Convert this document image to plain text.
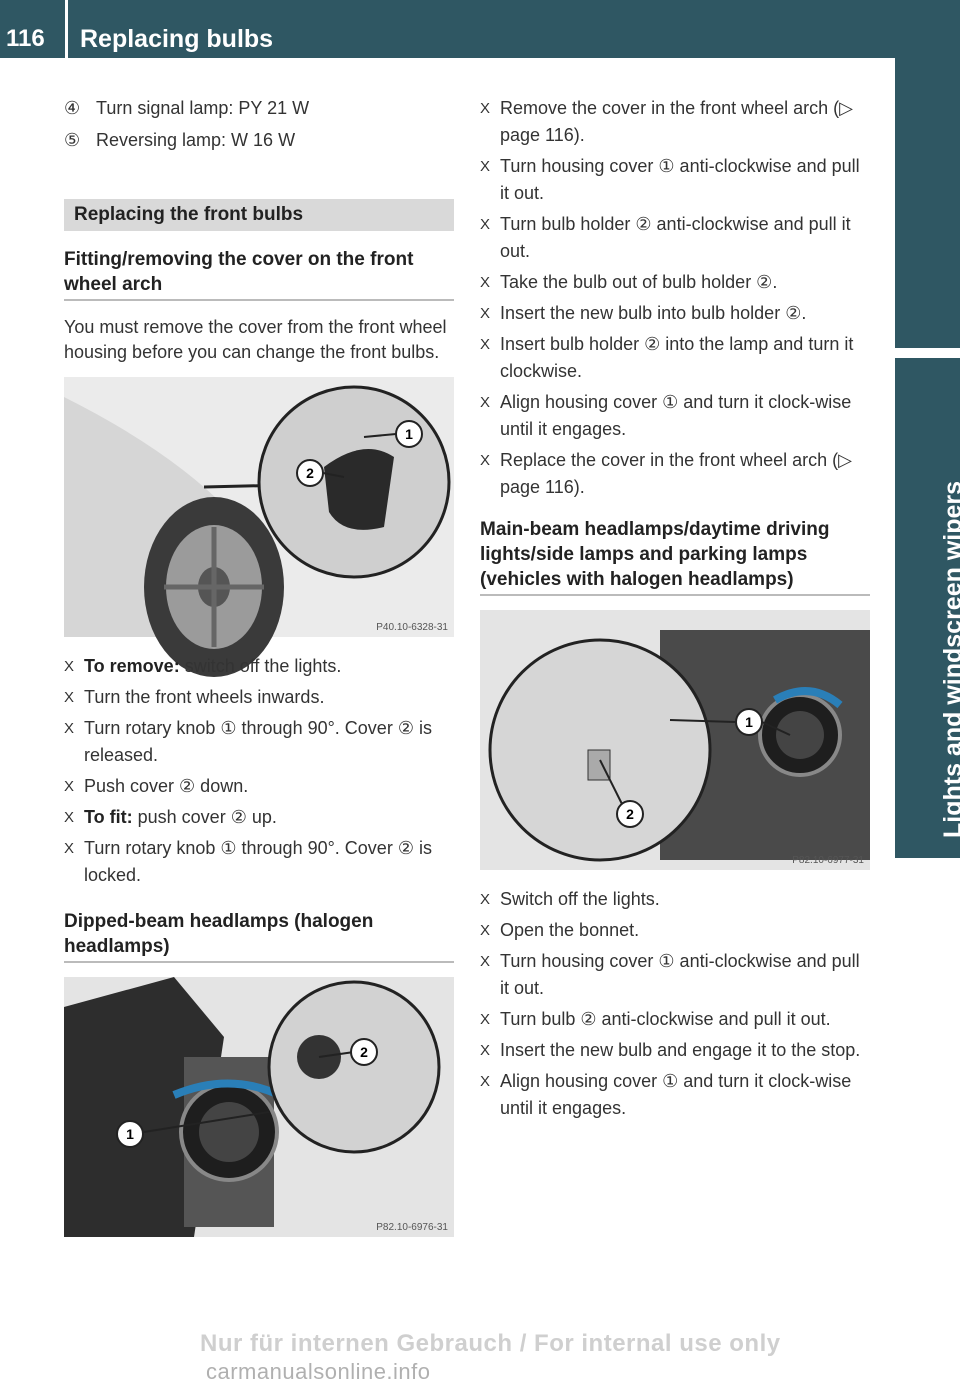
116	Replacing bulbs
Lights and windscreen wipers
④ Turn signal lamp: PY 21 W
⑤ Reversing lamp: W 16 W
Replacing the front bulbs
Fitting/removing the cover on the front wheel arch
You must remove the cover from the front wheel housing before you can change the front bulbs.
1
2
P40.10-6328-31
X To remove: switch off the lights.
X Turn the front wheels inwards.
X Turn rotary knob ① through 90°. Cover ② is released.
X Push cover ② down.
X To fit: push cover ② up.
X Turn rotary knob ① through 90°. Cover ② is locked.
Dipped-beam headlamps (halogen headlamps)
1
2
P82.10-6976-31
X Remove the cover in the front wheel arch (▷ page 116).
X Turn housing cover ① anti-clockwise and pull it out.
X Turn bulb holder ② anti-clockwise and pull it out.
X Take the bulb out of bulb holder ②.
X Insert the new bulb into bulb holder ②.
X Insert bulb holder ② into the lamp and turn it clockwise.
X Align housing cover ① and turn it clock-wise until it engages.
X Replace the cover in the front wheel arch (▷ page 116).
Main-beam headlamps/daytime driving lights/side lamps and parking lamps (vehicles with halogen headlamps)
1
2
P82.10-6977-31
X Switch off the lights.
X Open the bonnet.
X Turn housing cover ① anti-clockwise and pull it out.
X Turn bulb ② anti-clockwise and pull it out.
X Insert the new bulb and engage it to the stop.
X Align housing cover ① and turn it clock-wise until it engages.
Nur für internen Gebrauch / For internal use only carmanualsonline.info
